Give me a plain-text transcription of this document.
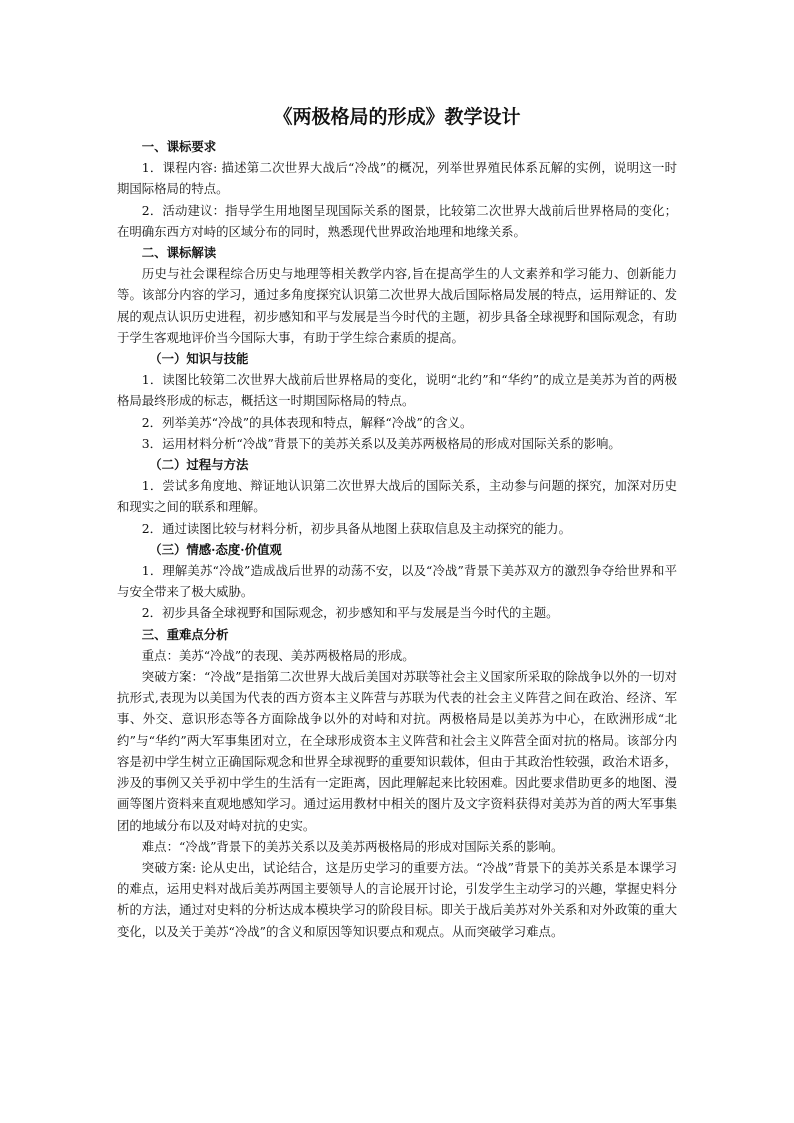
《两极格局的形成》教学设计
一、课标要求

1．课程内容: 描述第二次世界大战后“冷战”的概况，列举世界殖民体系瓦解的实例，说明这一时期国际格局的特点。

2．活动建议：指导学生用地图呈现国际关系的图景，比较第二次世界大战前后世界格局的变化；在明确东西方对峙的区域分布的同时，熟悉现代世界政治地理和地缘关系。

二、课标解读

历史与社会课程综合历史与地理等相关教学内容,旨在提高学生的人文素养和学习能力、创新能力等。该部分内容的学习，通过多角度探究认识第二次世界大战后国际格局发展的特点，运用辩证的、发展的观点认识历史进程，初步感知和平与发展是当今时代的主题，初步具备全球视野和国际观念，有助于学生客观地评价当今国际大事，有助于学生综合素质的提高。

（一）知识与技能

1．读图比较第二次世界大战前后世界格局的变化，说明“北约”和“华约”的成立是美苏为首的两极格局最终形成的标志，概括这一时期国际格局的特点。

2．列举美苏“冷战”的具体表现和特点，解释“冷战”的含义。

3．运用材料分析“冷战”背景下的美苏关系以及美苏两极格局的形成对国际关系的影响。

（二）过程与方法

1．尝试多角度地、辩证地认识第二次世界大战后的国际关系，主动参与问题的探究，加深对历史和现实之间的联系和理解。

2．通过读图比较与材料分析，初步具备从地图上获取信息及主动探究的能力。

（三）情感·态度·价值观

1．理解美苏“冷战”造成战后世界的动荡不安，以及“冷战”背景下美苏双方的激烈争夺给世界和平与安全带来了极大威胁。

2．初步具备全球视野和国际观念，初步感知和平与发展是当今时代的主题。

三、重难点分析

重点：美苏“冷战”的表现、美苏两极格局的形成。

突破方案：“冷战”是指第二次世界大战后美国对苏联等社会主义国家所采取的除战争以外的一切对抗形式,表现为以美国为代表的西方资本主义阵营与苏联为代表的社会主义阵营之间在政治、经济、军事、外交、意识形态等各方面除战争以外的对峙和对抗。两极格局是以美苏为中心，在欧洲形成“北约”与“华约”两大军事集团对立，在全球形成资本主义阵营和社会主义阵营全面对抗的格局。该部分内容是初中学生树立正确国际观念和世界全球视野的重要知识载体，但由于其政治性较强，政治术语多，涉及的事例又关乎初中学生的生活有一定距离，因此理解起来比较困难。因此要求借助更多的地图、漫画等图片资料来直观地感知学习。通过运用教材中相关的图片及文字资料获得对美苏为首的两大军事集团的地域分布以及对峙对抗的史实。

难点：“冷战”背景下的美苏关系以及美苏两极格局的形成对国际关系的影响。

突破方案: 论从史出，试论结合，这是历史学习的重要方法。“冷战”背景下的美苏关系是本课学习的难点，运用史料对战后美苏两国主要领导人的言论展开讨论，引发学生主动学习的兴趣，掌握史料分析的方法，通过对史料的分析达成本模块学习的阶段目标。即关于战后美苏对外关系和对外政策的重大变化，以及关于美苏“冷战”的含义和原因等知识要点和观点。从而突破学习难点。
